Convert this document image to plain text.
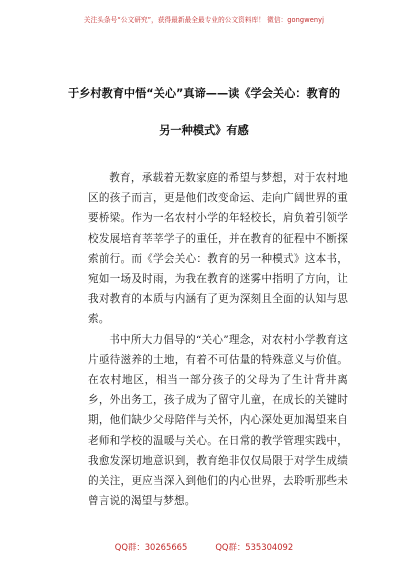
关注头条号“公文研究”，获得最新最全最专业的公文资料库！ 微信：gongwenyj
于乡村教育中悟“关心”真谛——读《学会关心：教育的
另一种模式》有感

教育，承载着无数家庭的希望与梦想，对于农村地区的孩子而言，更是他们改变命运、走向广阔世界的重要桥梁。作为一名农村小学的年轻校长，肩负着引领学校发展培育莘莘学子的重任，并在教育的征程中不断探索前行。而《学会关心：教育的另一种模式》这本书，宛如一场及时雨，为我在教育的迷雾中指明了方向，让我对教育的本质与内涵有了更为深刻且全面的认知与思索。

书中所大力倡导的“关心”理念，对农村小学教育这片亟待滋养的土地，有着不可估量的特殊意义与价值。在农村地区，相当一部分孩子的父母为了生计背井离乡，外出务工，孩子成为了留守儿童，在成长的关键时期，他们缺少父母陪伴与关怀，内心深处更加渴望来自老师和学校的温暖与关心。在日常的教学管理实践中，我愈发深切地意识到，教育绝非仅仅局限于对学生成绩的关注，更应当深入到他们的内心世界，去聆听那些未曾言说的渴望与梦想。

QQ群：30265665	QQ群：535304092
